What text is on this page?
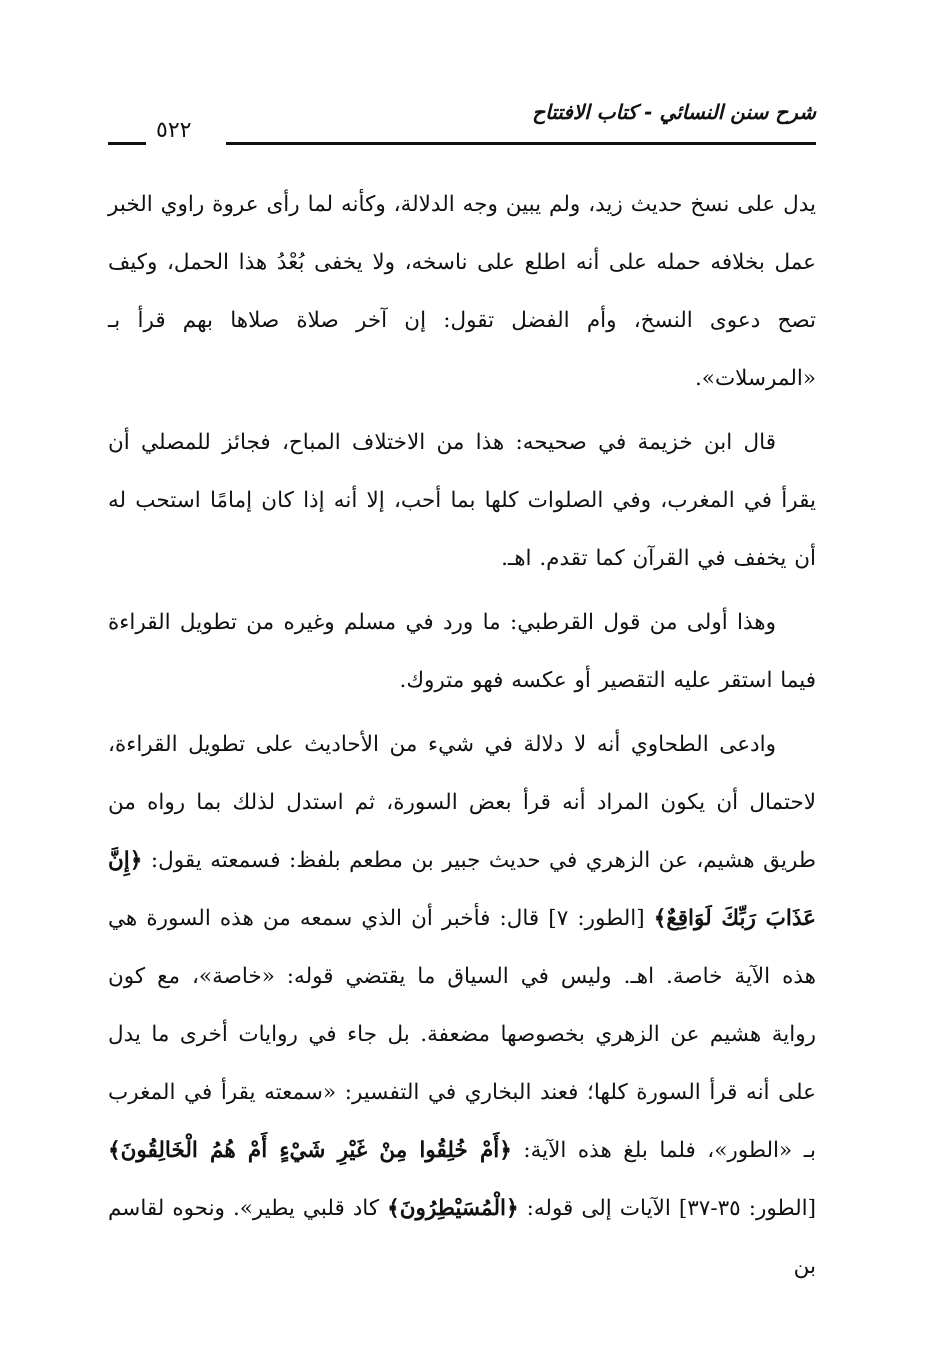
شرح سنن النسائي - كتاب الافتتاح
٥٢٢

يدل على نسخ حديث زيد، ولم يبين وجه الدلالة، وكأنه لما رأى عروة راوي الخبر عمل بخلافه حمله على أنه اطلع على ناسخه، ولا يخفى بُعْدُ هذا الحمل، وكيف تصح دعوى النسخ، وأم الفضل تقول: إن آخر صلاة صلاها بهم قرأ بـ «المرسلات».

قال ابن خزيمة في صحيحه: هذا من الاختلاف المباح، فجائز للمصلي أن يقرأ في المغرب، وفي الصلوات كلها بما أحب، إلا أنه إذا كان إمامًا استحب له أن يخفف في القرآن كما تقدم. اهـ.

وهذا أولى من قول القرطبي: ما ورد في مسلم وغيره من تطويل القراءة فيما استقر عليه التقصير أو عكسه فهو متروك.

وادعى الطحاوي أنه لا دلالة في شيء من الأحاديث على تطويل القراءة، لاحتمال أن يكون المراد أنه قرأ بعض السورة، ثم استدل لذلك بما رواه من طريق هشيم، عن الزهري في حديث جبير بن مطعم بلفظ: فسمعته يقول: ﴿إِنَّ عَذَابَ رَبِّكَ لَوَاقِعٌ﴾ [الطور: ٧] قال: فأخبر أن الذي سمعه من هذه السورة هي هذه الآية خاصة. اهـ. وليس في السياق ما يقتضي قوله: «خاصة»، مع كون رواية هشيم عن الزهري بخصوصها مضعفة. بل جاء في روايات أخرى ما يدل على أنه قرأ السورة كلها؛ فعند البخاري في التفسير: «سمعته يقرأ في المغرب بـ «الطور»، فلما بلغ هذه الآية: ﴿أَمْ خُلِقُوا مِنْ غَيْرِ شَيْءٍ أَمْ هُمُ الْخَالِقُونَ﴾ [الطور: ٣٥-٣٧] الآيات إلى قوله: ﴿الْمُسَيْطِرُونَ﴾ كاد قلبي يطير». ونحوه لقاسم بن
